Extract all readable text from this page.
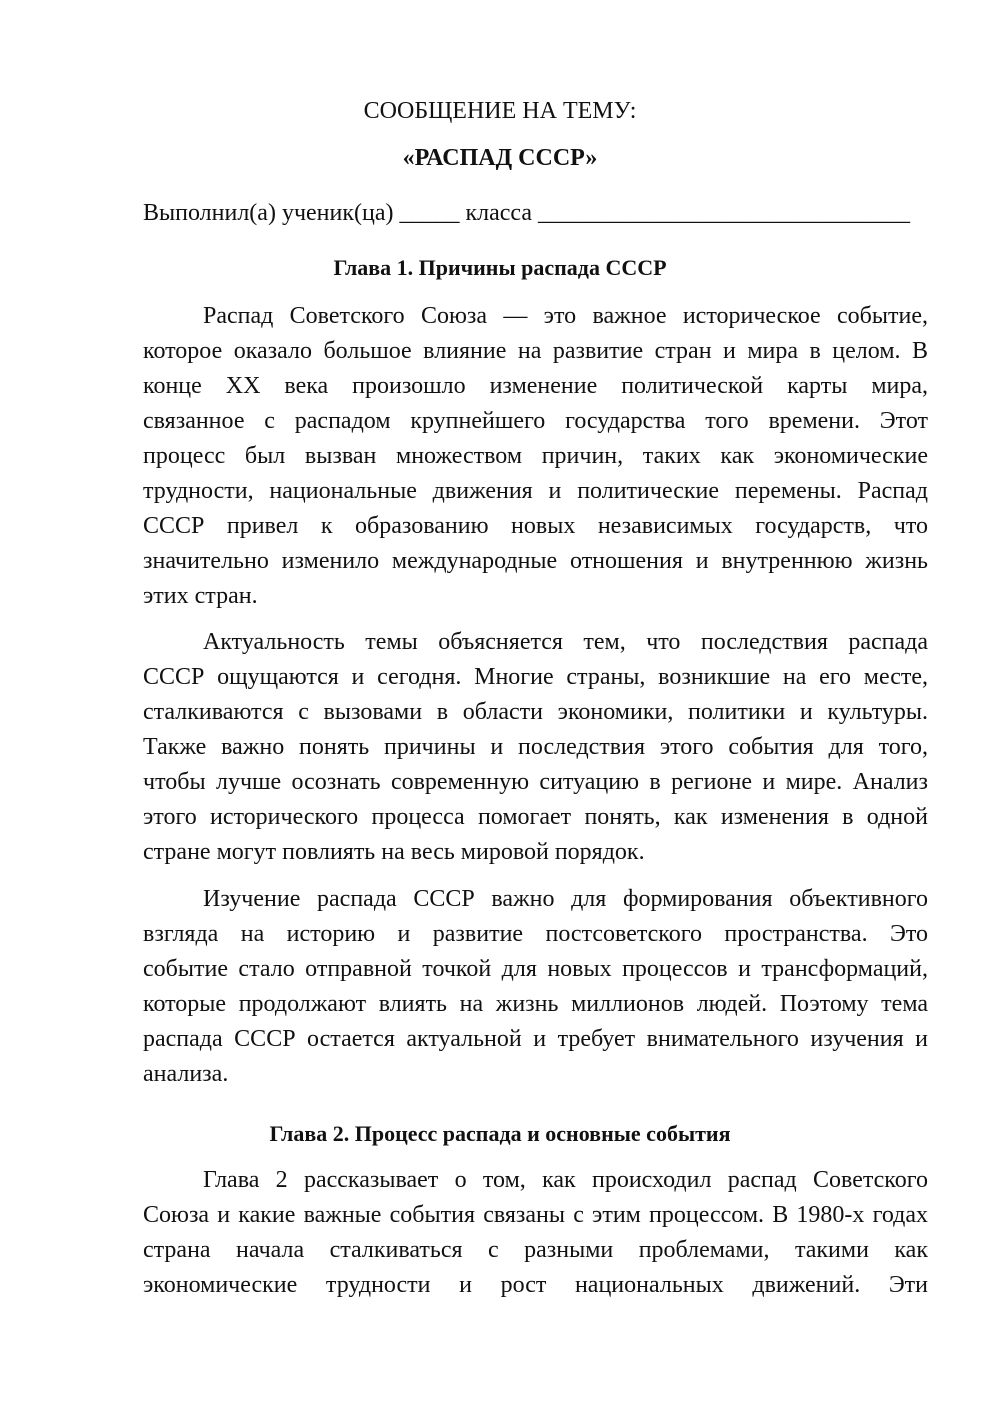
СООБЩЕНИЕ НА ТЕМУ:
«РАСПАД СССР»
Выполнил(а) ученик(ца) _____ класса _______________________________
Глава 1. Причины распада СССР
Распад Советского Союза — это важное историческое событие,
которое оказало большое влияние на развитие стран и мира в целом. В
конце XX века произошло изменение политической карты мира,
связанное с распадом крупнейшего государства того времени. Этот
процесс был вызван множеством причин, таких как экономические
трудности, национальные движения и политические перемены. Распад
СССР привел к образованию новых независимых государств, что
значительно изменило международные отношения и внутреннюю жизнь
этих стран.
Актуальность темы объясняется тем, что последствия распада
СССР ощущаются и сегодня. Многие страны, возникшие на его месте,
сталкиваются с вызовами в области экономики, политики и культуры.
Также важно понять причины и последствия этого события для того,
чтобы лучше осознать современную ситуацию в регионе и мире. Анализ
этого исторического процесса помогает понять, как изменения в одной
стране могут повлиять на весь мировой порядок.
Изучение распада СССР важно для формирования объективного
взгляда на историю и развитие постсоветского пространства. Это
событие стало отправной точкой для новых процессов и трансформаций,
которые продолжают влиять на жизнь миллионов людей. Поэтому тема
распада СССР остается актуальной и требует внимательного изучения и
анализа.
Глава 2. Процесс распада и основные события
Глава 2 рассказывает о том, как происходил распад Советского
Союза и какие важные события связаны с этим процессом. В 1980-х годах
страна начала сталкиваться с разными проблемами, такими как
экономические трудности и рост национальных движений. Эти
